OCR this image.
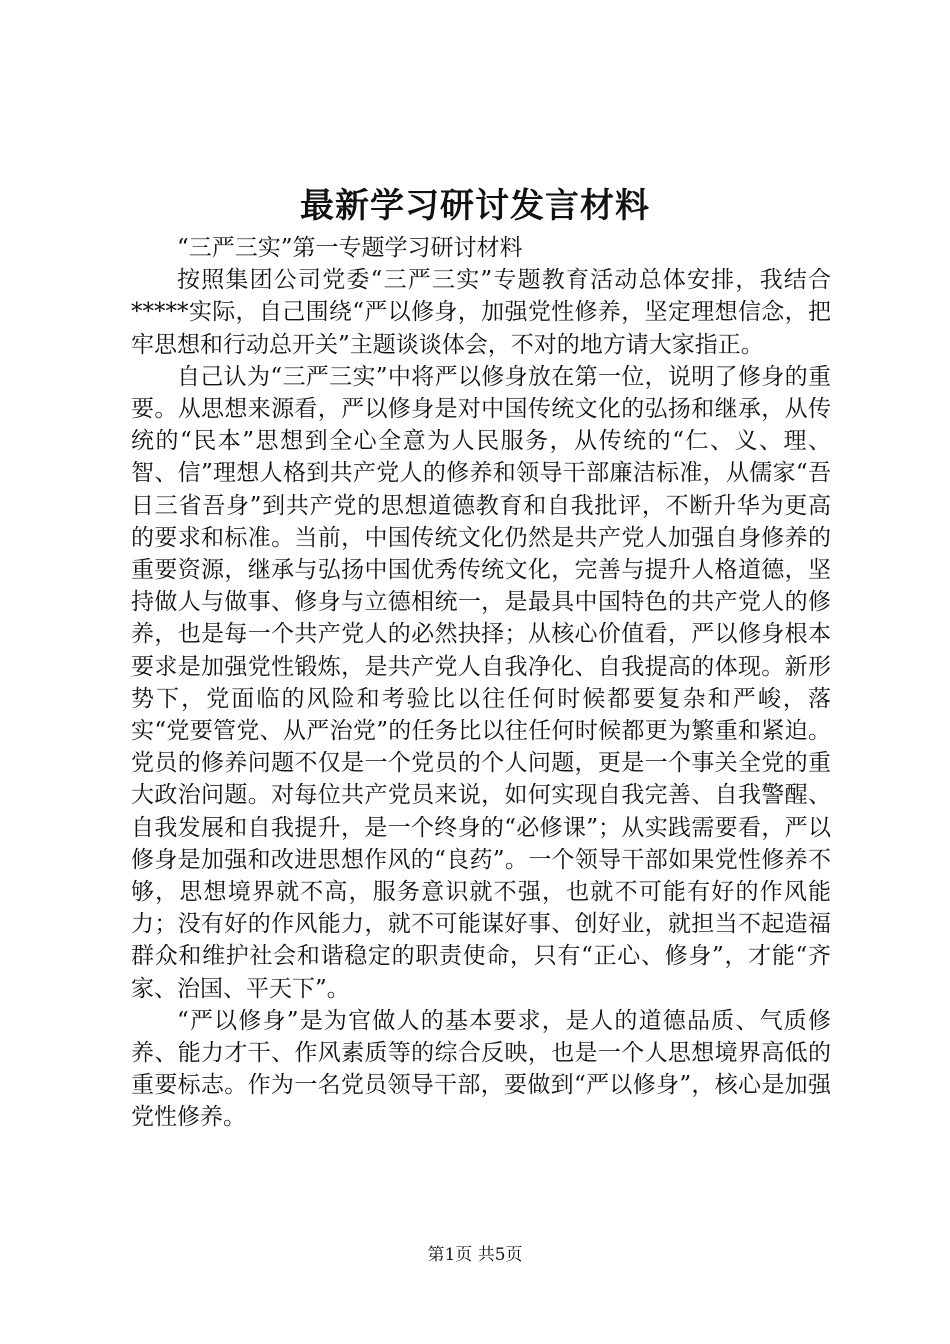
最新学习研讨发言材料

“三严三实”第一专题学习研讨材料

按照集团公司党委“三严三实”专题教育活动总体安排，我结合*****实际，自己围绕“严以修身，加强党性修养，坚定理想信念，把牢思想和行动总开关”主题谈谈体会，不对的地方请大家指正。

自己认为“三严三实”中将严以修身放在第一位，说明了修身的重要。从思想来源看，严以修身是对中国传统文化的弘扬和继承，从传统的“民本”思想到全心全意为人民服务，从传统的“仁、义、理、智、信”理想人格到共产党人的修养和领导干部廉洁标准，从儒家“吾日三省吾身”到共产党的思想道德教育和自我批评，不断升华为更高的要求和标准。当前，中国传统文化仍然是共产党人加强自身修养的重要资源，继承与弘扬中国优秀传统文化，完善与提升人格道德，坚持做人与做事、修身与立德相统一，是最具中国特色的共产党人的修养，也是每一个共产党人的必然抉择；从核心价值看，严以修身根本要求是加强党性锻炼，是共产党人自我净化、自我提高的体现。新形势下，党面临的风险和考验比以往任何时候都要复杂和严峻，落实“党要管党、从严治党”的任务比以往任何时候都更为繁重和紧迫。党员的修养问题不仅是一个党员的个人问题，更是一个事关全党的重大政治问题。对每位共产党员来说，如何实现自我完善、自我警醒、自我发展和自我提升，是一个终身的“必修课”；从实践需要看，严以修身是加强和改进思想作风的“良药”。一个领导干部如果党性修养不够，思想境界就不高，服务意识就不强，也就不可能有好的作风能力；没有好的作风能力，就不可能谋好事、创好业，就担当不起造福群众和维护社会和谐稳定的职责使命，只有“正心、修身”，才能“齐家、治国、平天下”。

“严以修身”是为官做人的基本要求，是人的道德品质、气质修养、能力才干、作风素质等的综合反映，也是一个人思想境界高低的重要标志。作为一名党员领导干部，要做到“严以修身”，核心是加强党性修养。

第1页 共5页
